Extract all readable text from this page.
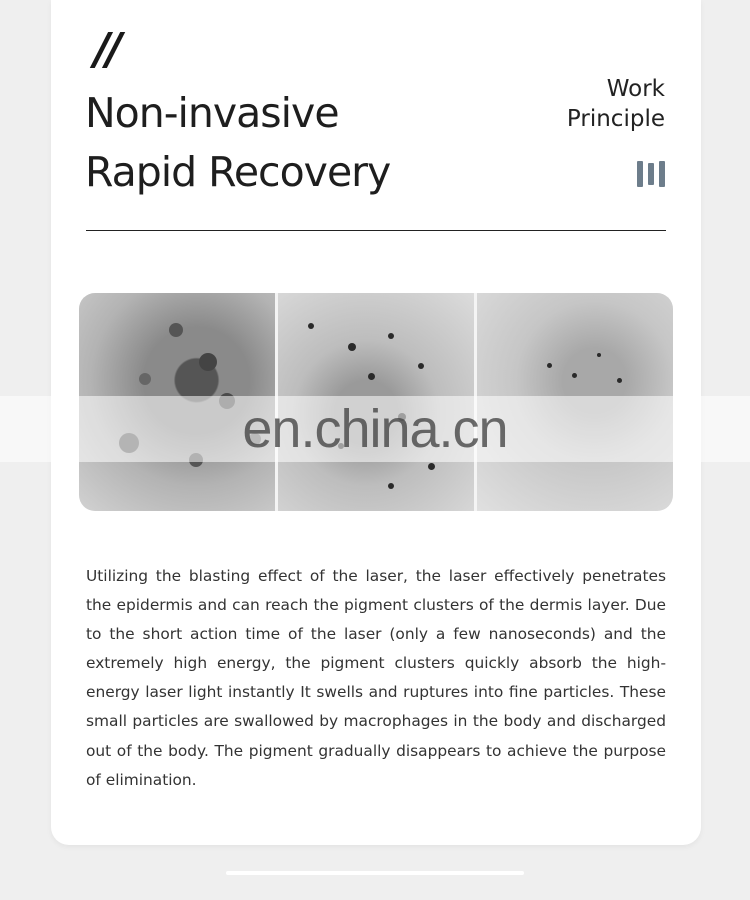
//
Non-invasive
Rapid Recovery
Work
Principle
Utilizing the blasting effect of the laser, the laser effectively penetrates the epidermis and can reach the pigment clusters of the dermis layer. Due to the short action time of the laser (only a few nanoseconds) and the extremely high energy, the pigment clusters quickly absorb the high-energy laser light instantly It swells and ruptures into fine particles. These small particles are swallowed by macrophages in the body and discharged out of the body. The pigment gradually disappears to achieve the purpose of elimination.
en.china.cn
